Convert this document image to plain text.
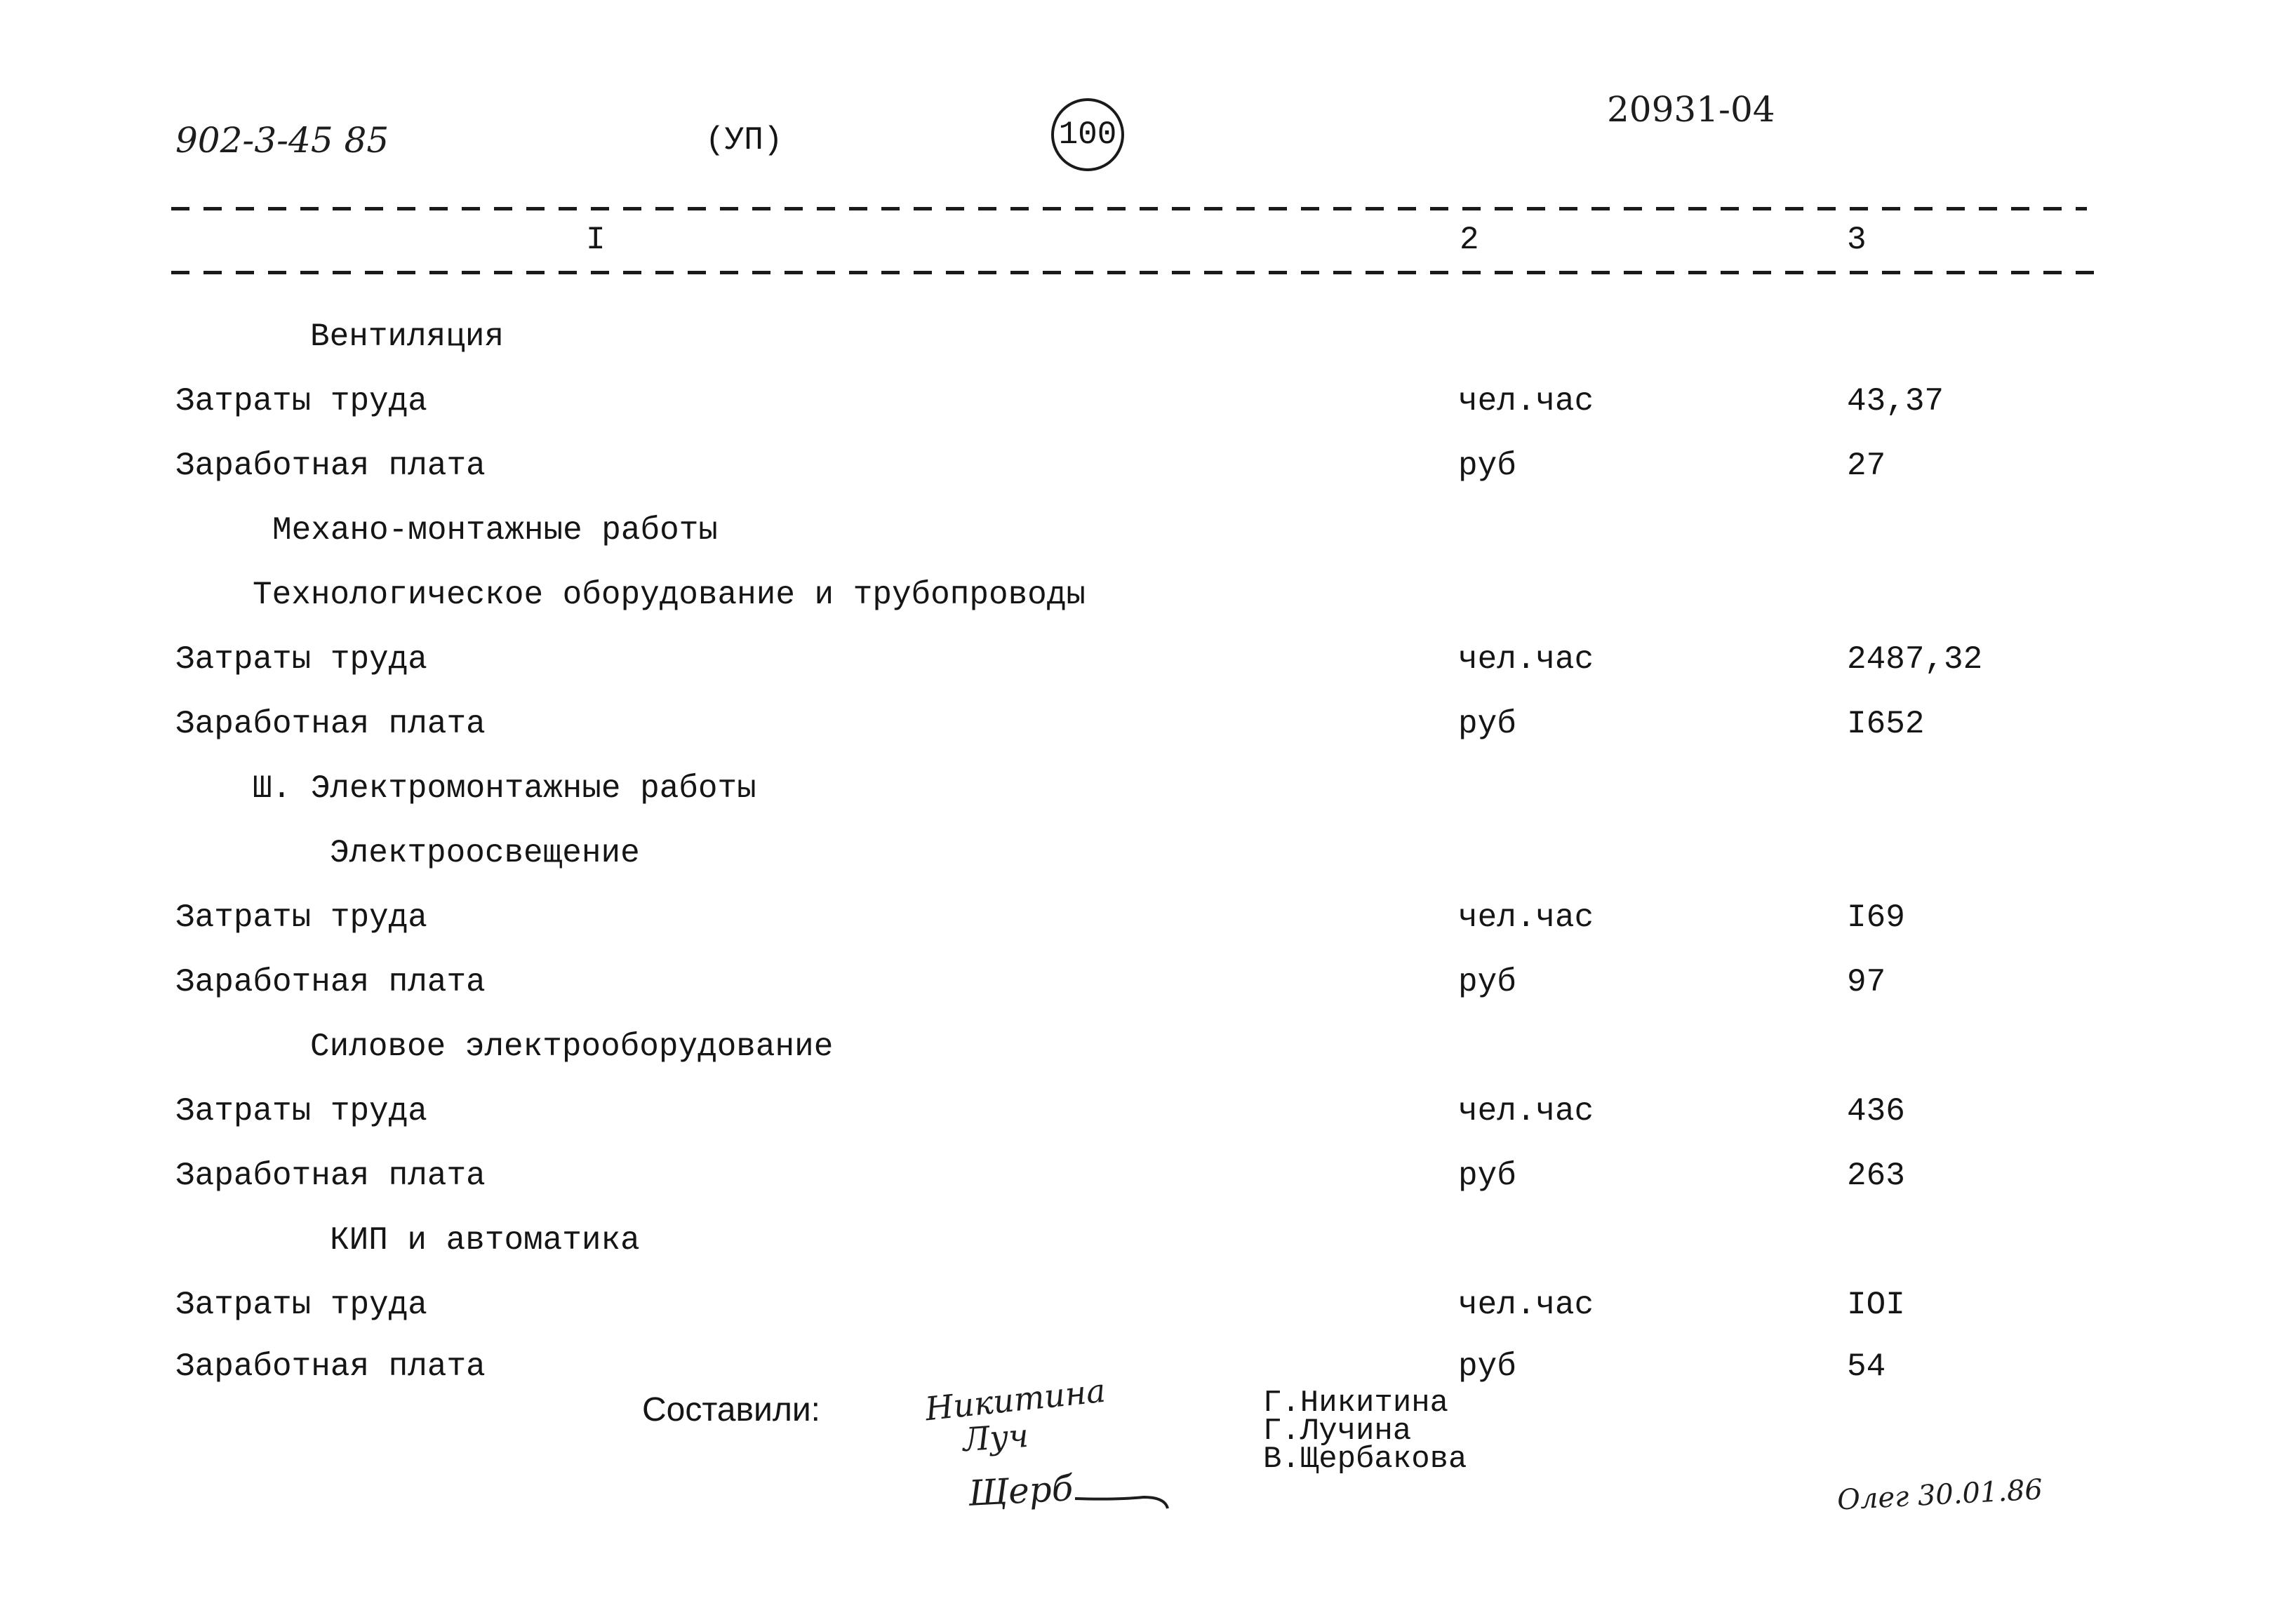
902-3-45 85	(УП)	100
20931-04
I	2	3
Вентиляция
Затраты труда	чел.час	43,37
Заработная плата	руб	27
Механо-монтажные работы
Технологическое оборудование и трубопроводы
Затраты труда	чел.час	2487,32
Заработная плата	руб	I652
Ш. Электромонтажные работы
Электроосвещение
Затраты труда	чел.час	I69
Заработная плата	руб	97
Силовое электрооборудование
Затраты труда	чел.час	436
Заработная плата	руб	263
КИП и автоматика
Затраты труда	чел.час	IOI
Заработная плата	руб	54
Составили:	Никитина
Луч
Щерб
Г.Никитина
Г.Лучина
В.Щербакова
Олег 30.01.86
